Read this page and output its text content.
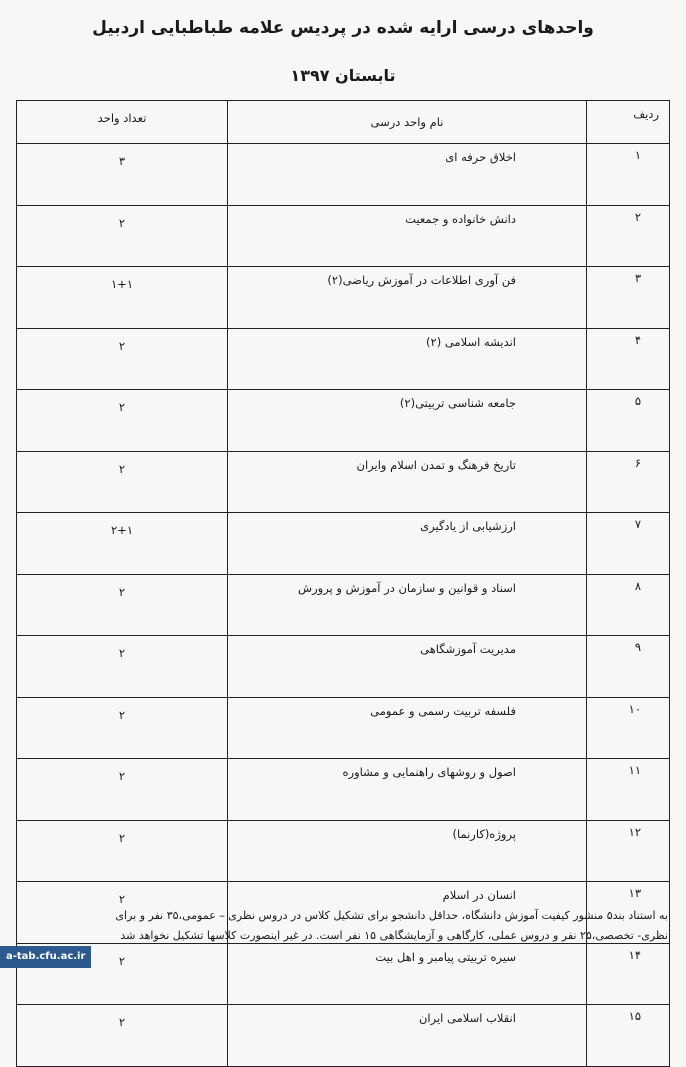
واحدهای درسی ارایه شده در پردیس علامه طباطبایی اردبیل
تابستان ۱۳۹۷
ردیف	نام واحد درسی	تعداد واحد
۱	اخلاق حرفه ای	۳
۲	دانش خانواده و جمعیت	۲
۳	فن آوری اطلاعات در آموزش ریاضی(۲)	۱+۱
۴	اندیشه اسلامی (۲)	۲
۵	جامعه شناسی تربیتی(۲)	۲
۶	تاریخ فرهنگ و تمدن اسلام وایران	۲
۷	ارزشیابی از یادگیری	۲+۱
۸	اسناد و قوانین و سازمان در آموزش و پرورش	۲
۹	مدیریت آموزشگاهی	۲
۱۰	فلسفه تربیت رسمی و عمومی	۲
۱۱	اصول و روشهای راهنمایی و مشاوره	۲
۱۲	پروژه(کارنما)	۲
۱۳	انسان در اسلام	۲
۱۴	سیره تربیتی پیامبر و اهل بیت	۲
۱۵	انقلاب اسلامی ایران	۲
به استناد بند۵ منشور کیفیت آموزش دانشگاه، حداقل دانشجو برای تشکیل کلاس در دروس نظری – عمومی،۳۵ نفر و برای
نظری- تخصصی،۲۵ نفر و دروس عملی، کارگاهی و آزمایشگاهی ۱۵ نفر است. در غیر اینصورت کلاسها تشکیل نخواهد شد
a-tab.cfu.ac.ir
